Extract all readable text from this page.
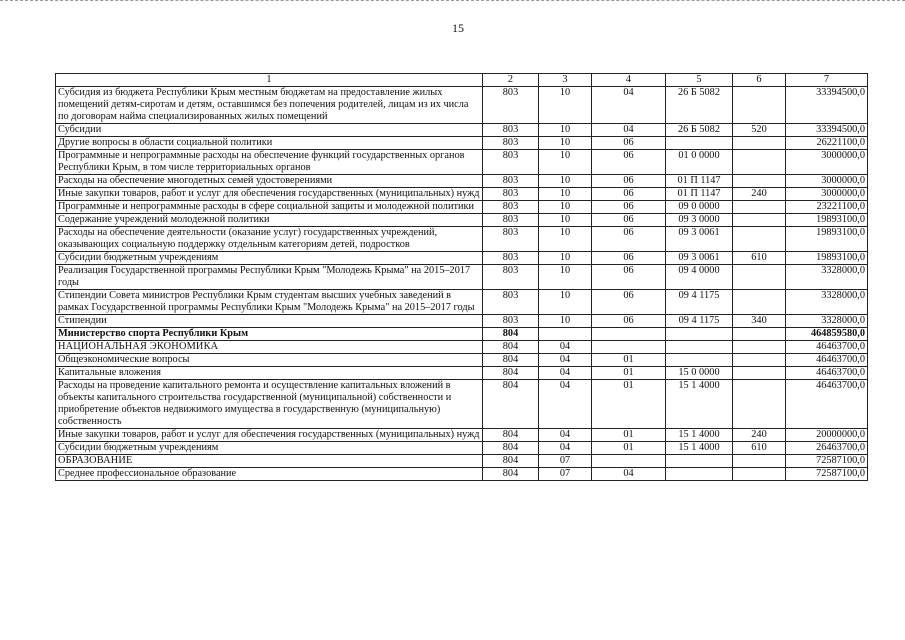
15
1	2	3	4	5	6	7
Субсидия из бюджета Республики Крым местным бюджетам на предоставление жилых помещений детям-сиротам и детям, оставшимся без попечения родителей, лицам из их числа по договорам найма специализированных жилых помещений	803	10	04	26 Б 5082		33394500,0
Субсидии	803	10	04	26 Б 5082	520	33394500,0
Другие вопросы в области социальной политики	803	10	06			26221100,0
Программные и непрограммные расходы на обеспечение функций государственных органов Республики Крым, в том числе территориальных органов	803	10	06	01 0 0000		3000000,0
Расходы на обеспечение многодетных семей удостоверениями	803	10	06	01 П 1147		3000000,0
Иные закупки товаров, работ и услуг для обеспечения государственных (муниципальных) нужд	803	10	06	01 П 1147	240	3000000,0
Программные и непрограммные расходы в сфере социальной защиты и молодежной политики	803	10	06	09 0 0000		23221100,0
Содержание учреждений молодежной политики	803	10	06	09 3 0000		19893100,0
Расходы на обеспечение деятельности (оказание услуг) государственных учреждений, оказывающих социальную поддержку отдельным категориям детей, подростков	803	10	06	09 3 0061		19893100,0
Субсидии бюджетным учреждениям	803	10	06	09 3 0061	610	19893100,0
Реализация Государственной программы Республики Крым "Молодежь Крыма" на 2015–2017 годы	803	10	06	09 4 0000		3328000,0
Стипендии Совета министров Республики Крым студентам высших учебных заведений в рамках Государственной программы Республики Крым "Молодежь Крыма" на 2015–2017 годы	803	10	06	09 4 1175		3328000,0
Стипендии	803	10	06	09 4 1175	340	3328000,0
Министерство спорта Республики Крым	804					464859580,0
НАЦИОНАЛЬНАЯ ЭКОНОМИКА	804	04				46463700,0
Общеэкономические вопросы	804	04	01			46463700,0
Капитальные вложения	804	04	01	15 0 0000		46463700,0
Расходы на проведение капитального ремонта и осуществление капитальных вложений в объекты капитального строительства государственной (муниципальной) собственности и приобретение объектов недвижимого имущества в государственную (муниципальную) собственность	804	04	01	15 1 4000		46463700,0
Иные закупки товаров, работ и услуг для обеспечения государственных (муниципальных) нужд	804	04	01	15 1 4000	240	20000000,0
Субсидии бюджетным учреждениям	804	04	01	15 1 4000	610	26463700,0
ОБРАЗОВАНИЕ	804	07				72587100,0
Среднее профессиональное образование	804	07	04			72587100,0
